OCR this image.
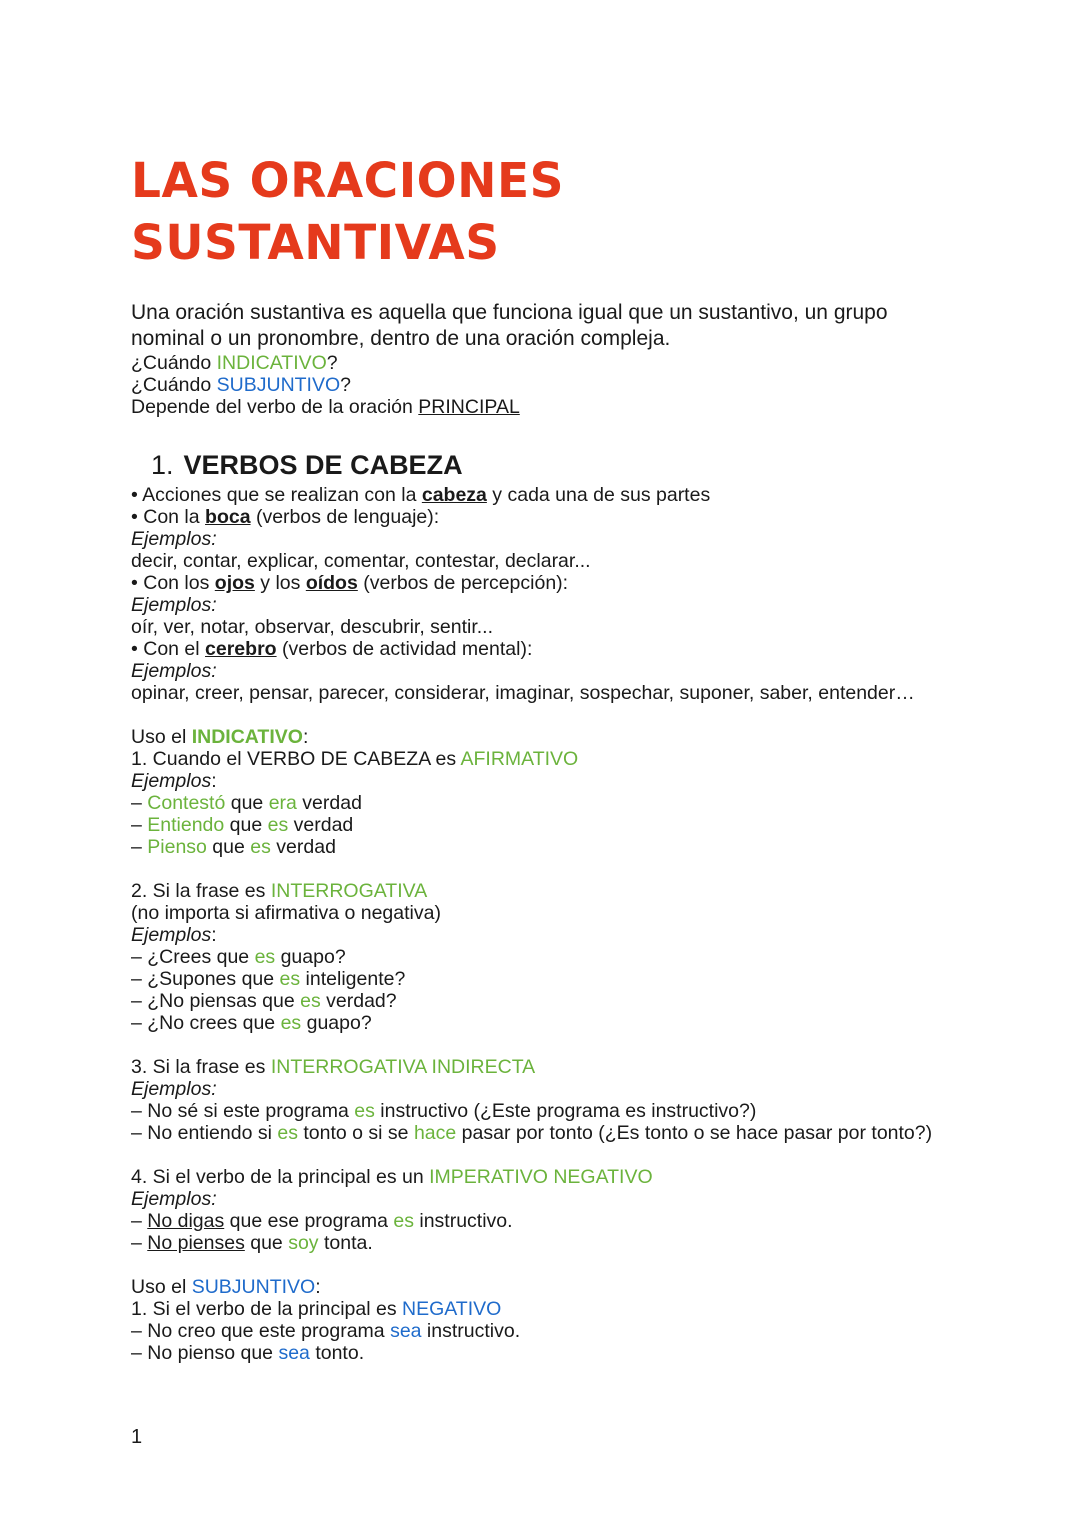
LAS ORACIONES SUSTANTIVAS

Una oración sustantiva es aquella que funciona igual que un sustantivo, un grupo nominal o un pronombre, dentro de una oración compleja.

¿Cuándo INDICATIVO?

¿Cuándo SUBJUNTIVO?

Depende del verbo de la oración PRINCIPAL

1. VERBOS DE CABEZA

• Acciones que se realizan con la cabeza y cada una de sus partes

• Con la boca (verbos de lenguaje):

Ejemplos:

decir, contar, explicar, comentar, contestar, declarar...

• Con los ojos y los oídos (verbos de percepción):

Ejemplos:

oír, ver, notar, observar, descubrir, sentir...

• Con el cerebro (verbos de actividad mental):

Ejemplos:

opinar, creer, pensar, parecer, considerar, imaginar, sospechar, suponer, saber, entender…

Uso el INDICATIVO:

1. Cuando el VERBO DE CABEZA es AFIRMATIVO

Ejemplos:

– Contestó que era verdad

– Entiendo que es verdad

– Pienso que es verdad

2. Si la frase es INTERROGATIVA

(no importa si afirmativa o negativa)

Ejemplos:

– ¿Crees que es guapo?

– ¿Supones que es inteligente?

– ¿No piensas que es verdad?

– ¿No crees que es guapo?

3. Si la frase es INTERROGATIVA INDIRECTA

Ejemplos:

– No sé si este programa es instructivo (¿Este programa es instructivo?)

– No entiendo si es tonto o si se hace pasar por tonto (¿Es tonto o se hace pasar por tonto?)

4. Si el verbo de la principal es un IMPERATIVO NEGATIVO

Ejemplos:

– No digas que ese programa es instructivo.

– No pienses que soy tonta.

Uso el SUBJUNTIVO:

1. Si el verbo de la principal es NEGATIVO

– No creo que este programa sea instructivo.

– No pienso que sea tonto.

1
